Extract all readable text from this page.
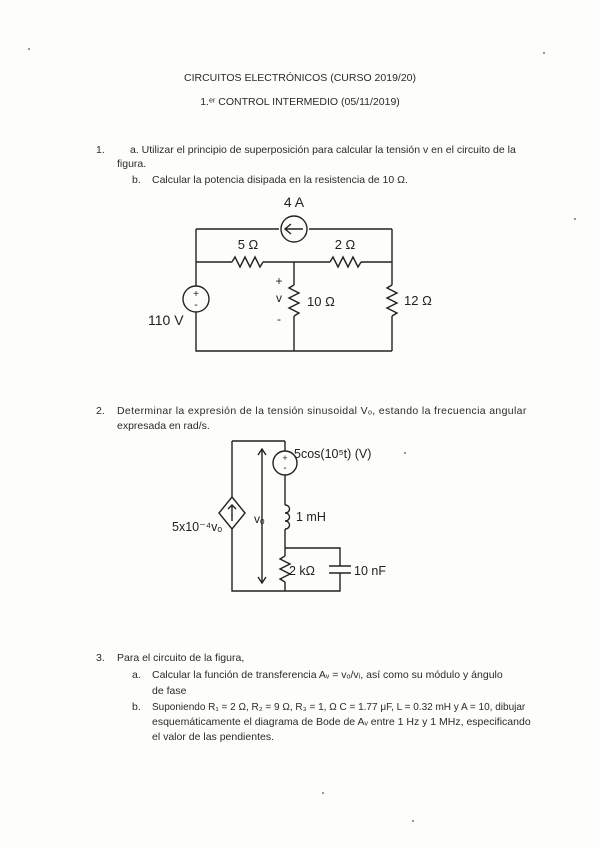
CIRCUITOS ELECTRÓNICOS (CURSO 2019/20)
1.ᵉʳ CONTROL INTERMEDIO (05/11/2019)
1. a. Utilizar el principio de superposición para calcular la tensión v en el circuito de la
figura.
b. Calcular la potencia disipada en la resistencia de 10 Ω.
2. Determinar la expresión de la tensión sinusoidal Vₒ, estando la frecuencia angular
expresada en rad/s.
3. Para el circuito de la figura,
a. Calcular la función de transferencia Aᵥ = vₒ/vᵢ, así como su módulo y ángulo
de fase
b. Suponiendo R₁ = 2 Ω, R₂ = 9 Ω, R₃ = 1, Ω C = 1.77 μF, L = 0.32 mH y A = 10, dibujar
esquemáticamente el diagrama de Bode de Aᵥ entre 1 Hz y 1 MHz, especificando
el valor de las pendientes.
4 A
5 Ω	2 Ω
10 Ω	12 Ω
110 V
+
-
+
v
-
+
-
5cos(10⁵t) (V)
5x10⁻⁴vₒ
vₒ	1 mH
2 kΩ	10 nF
